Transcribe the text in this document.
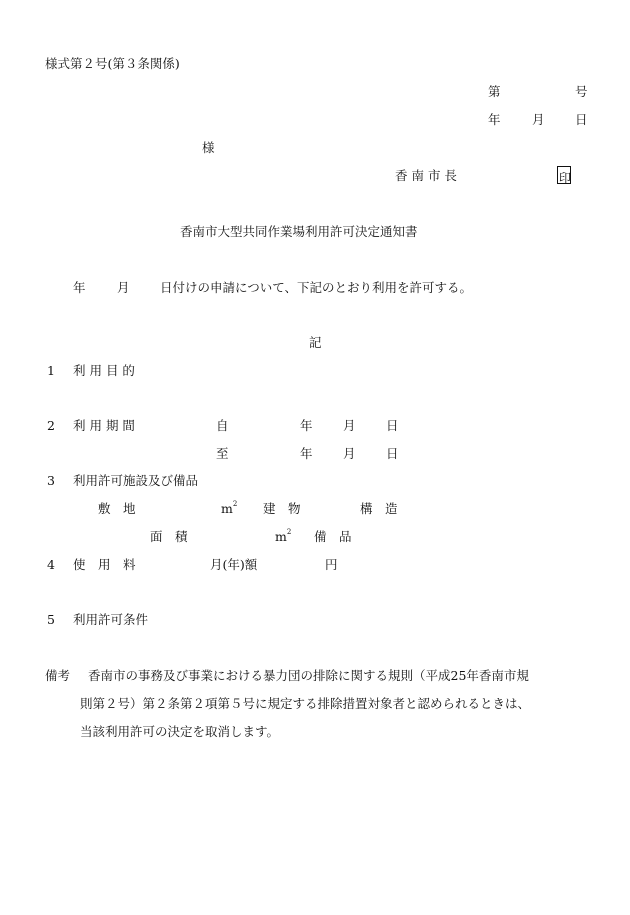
様式第２号(第３条関係)
第	号
年	月 日
様
香 南 市 長	印
香南市大型共同作業場利用許可決定通知書
年	月 日付けの申請について、下記のとおり利用を許可する。
記
1 利 用 目 的
2 利 用 期 間	自	年 月 日
至	年 月 日
3 利用許可施設及び備品
敷　地	$m^2$ 建　物	構　造
面　積	$m^2$ 備　品
4 使　用　料	月(年)額	円
5 利用許可条件
備考 香南市の事務及び事業における暴力団の排除に関する規則（平成25年香南市規
則第２号）第２条第２項第５号に規定する排除措置対象者と認められるときは、
当該利用許可の決定を取消します。
